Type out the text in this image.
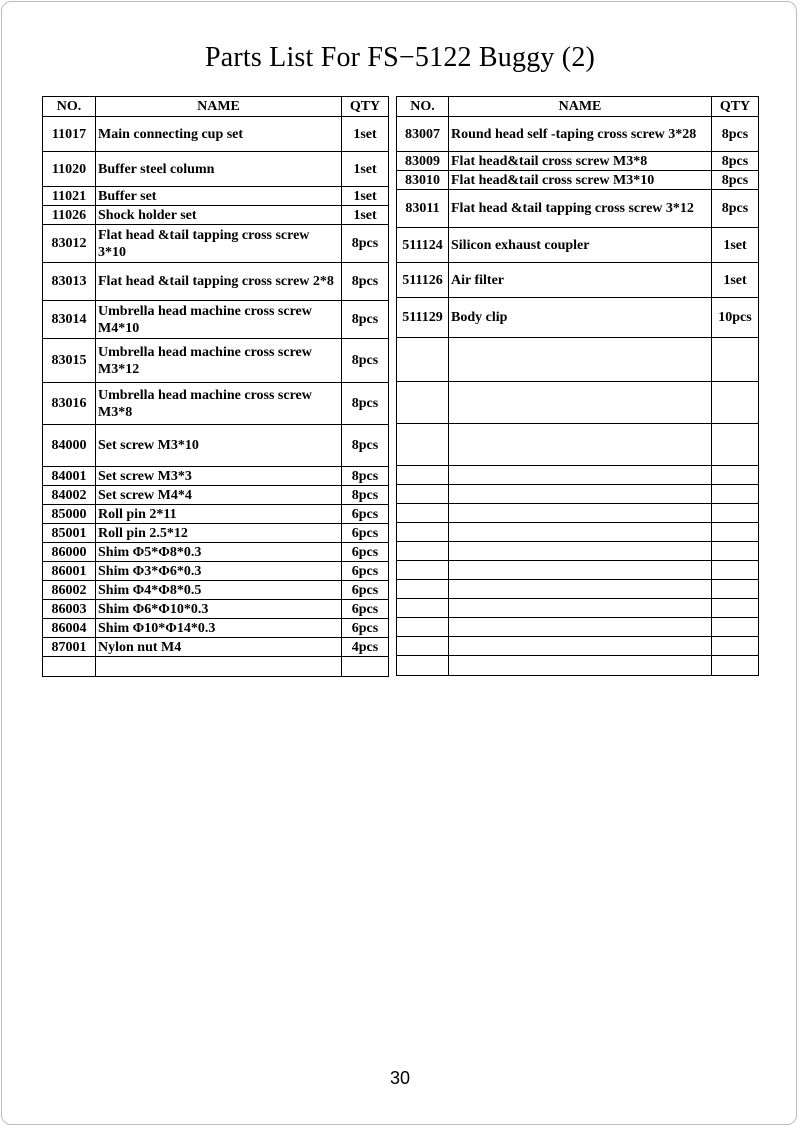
Parts List For FS−5122 Buggy (2)
NO.	NAME	QTY
11017	Main connecting cup set	1set
11020	Buffer steel column	1set
11021	Buffer set	1set
11026	Shock holder set	1set
83012	Flat head &tail tapping cross screw 3*10	8pcs
83013	Flat head &tail tapping cross screw 2*8	8pcs
83014	Umbrella head machine cross screw M4*10	8pcs
83015	Umbrella head machine cross screw M3*12	8pcs
83016	Umbrella head machine cross screw M3*8	8pcs
84000	Set screw M3*10	8pcs
84001	Set screw M3*3	8pcs
84002	Set screw M4*4	8pcs
85000	Roll pin 2*11	6pcs
85001	Roll pin 2.5*12	6pcs
86000	Shim Φ5*Φ8*0.3	6pcs
86001	Shim Φ3*Φ6*0.3	6pcs
86002	Shim Φ4*Φ8*0.5	6pcs
86003	Shim Φ6*Φ10*0.3	6pcs
86004	Shim Φ10*Φ14*0.3	6pcs
87001	Nylon nut M4	4pcs

NO.	NAME	QTY
83007	Round head self -taping cross screw 3*28	8pcs
83009	Flat head&tail cross screw M3*8	8pcs
83010	Flat head&tail cross screw M3*10	8pcs
83011	Flat head &tail tapping cross screw 3*12	8pcs
511124	Silicon exhaust coupler	1set
511126	Air filter	1set
511129	Body clip	10pcs

30
